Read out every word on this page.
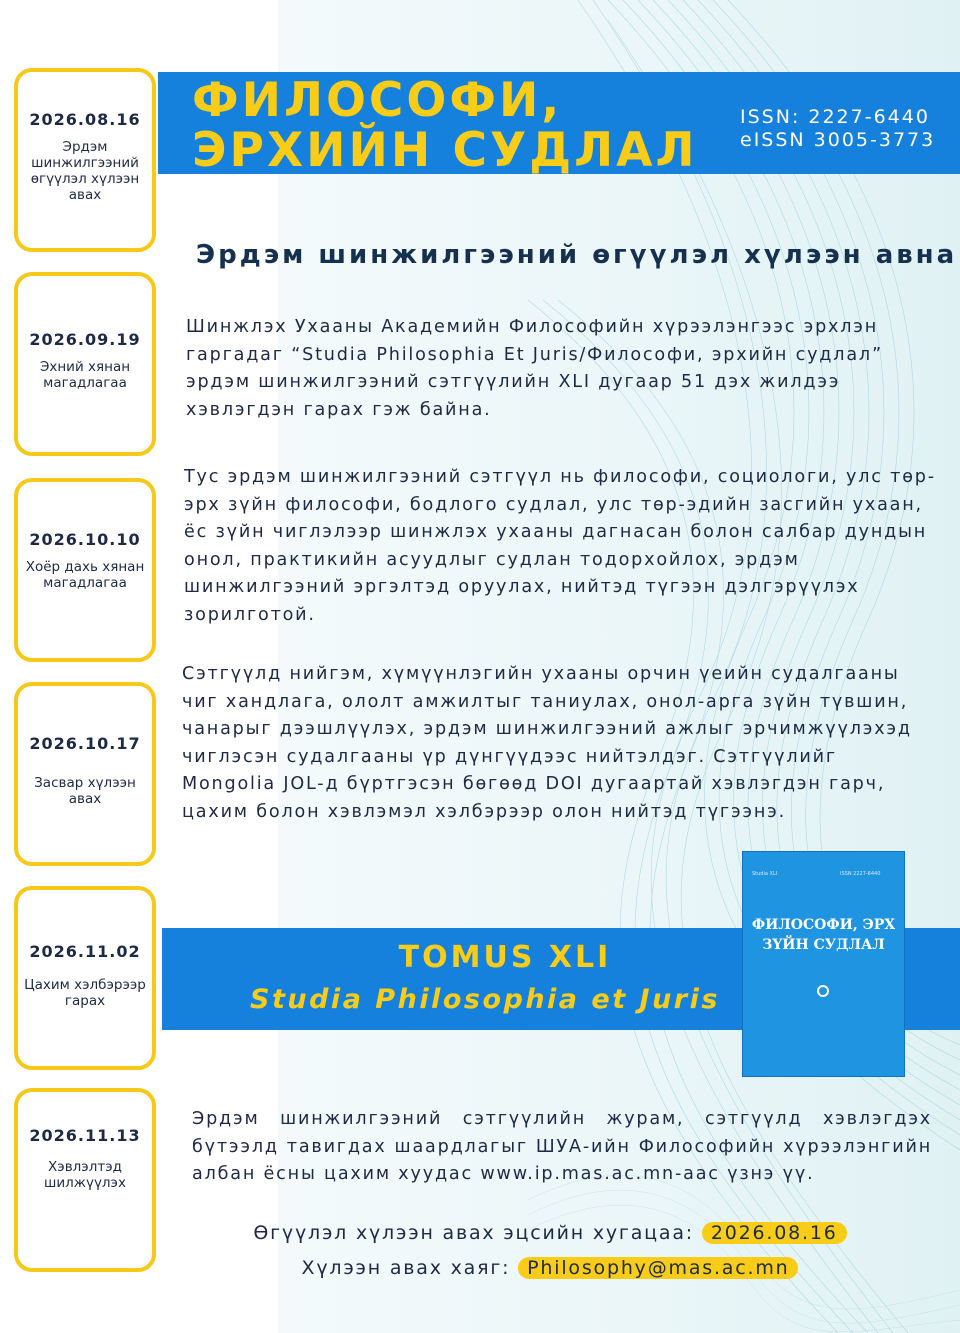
ФИЛОСОФИ,
ЭРХИЙН СУДЛАЛ
ISSN: 2227-6440
eISSN 3005-3773
2026.08.16
Эрдэм шинжилгээний өгүүлэл хүлээн авах
2026.09.19
Эхний хянан магадлагаа
2026.10.10
Хоёр дахь хянан магадлагаа
2026.10.17
Засвар хүлээн авах
2026.11.02
Цахим хэлбэрээр гарах
2026.11.13
Хэвлэлтэд шилжүүлэх
Эрдэм шинжилгээний өгүүлэл хүлээн авна

Шинжлэх Ухааны Академийн Философийн хүрээлэнгээс эрхлэн гаргадаг “Studia Philosophia Et Juris/Философи, эрхийн судлал” эрдэм шинжилгээний сэтгүүлийн XLI дугаар 51 дэх жилдээ хэвлэгдэн гарах гэж байна.

Тус эрдэм шинжилгээний сэтгүүл нь философи, социологи, улс төр-эрх зүйн философи, бодлого судлал, улс төр-эдийн засгийн ухаан, ёс зүйн чиглэлээр шинжлэх ухааны дагнасан болон салбар дундын онол, практикийн асуудлыг судлан тодорхойлох, эрдэм шинжилгээний эргэлтэд оруулах, нийтэд түгээн дэлгэрүүлэх зорилготой.

Сэтгүүлд нийгэм, хүмүүнлэгийн ухааны орчин үеийн судалгааны чиг хандлага, ололт амжилтыг таниулах, онол-арга зүйн түвшин, чанарыг дээшлүүлэх, эрдэм шинжилгээний ажлыг эрчимжүүлэхэд чиглэсэн судалгааны үр дүнгүүдээс нийтэлдэг. Сэтгүүлийг Mongolia JOL-д бүртгэсэн бөгөөд DOI дугаартай хэвлэгдэн гарч, цахим болон хэвлэмэл хэлбэрээр олон нийтэд түгээнэ.

TOMUS XLI
Studia Philosophia et Juris
Studia XLI	ISSN 2227-6440
ФИЛОСОФИ, ЭРХ ЗҮЙН СУДЛАЛ

Эрдэм шинжилгээний сэтгүүлийн журам, сэтгүүлд хэвлэгдэх бүтээлд тавигдах шаардлагыг ШУА-ийн Философийн хүрээлэнгийн албан ёсны цахим хуудас www.ip.mas.ac.mn-аас үзнэ үү.

Өгүүлэл хүлээн авах эцсийн хугацаа: 2026.08.16
Хүлээн авах хаяг: Philosophy@mas.ac.mn
